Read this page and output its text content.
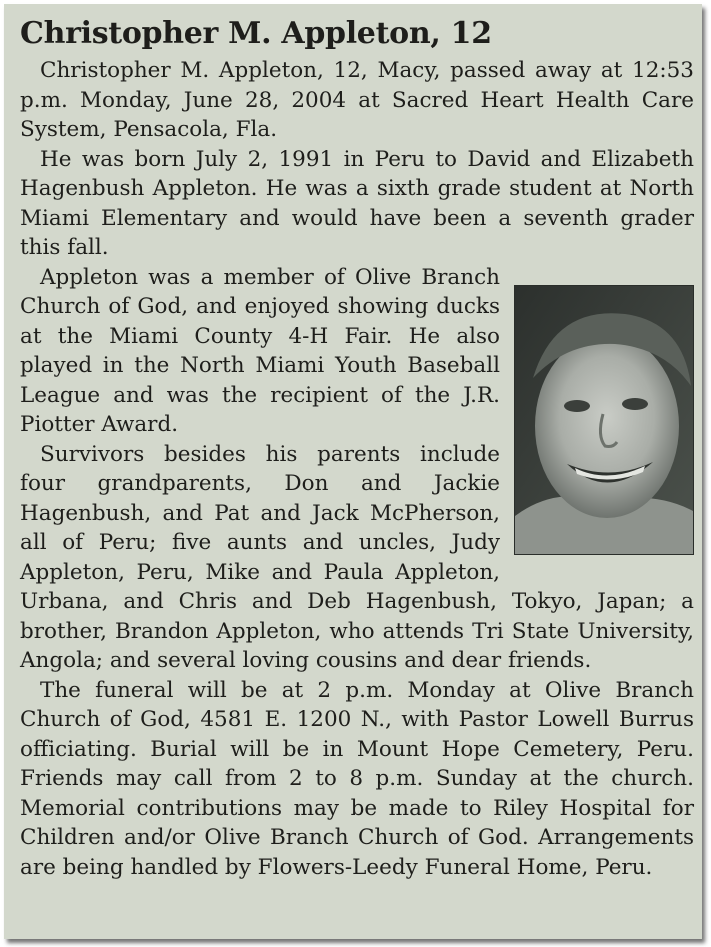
Christopher M. Appleton, 12

Christopher M. Appleton, 12, Macy, passed away at 12:53 p.m. Monday, June 28, 2004 at Sacred Heart Health Care System, Pensacola, Fla.

He was born July 2, 1991 in Peru to David and Elizabeth Hagenbush Appleton. He was a sixth grade student at North Miami Elementary and would have been a seventh grader this fall.

Appleton was a member of Olive Branch Church of God, and enjoyed showing ducks at the Miami County 4-H Fair. He also played in the North Miami Youth Baseball League and was the recipient of the J.R. Piotter Award.

Survivors besides his parents include four grandparents, Don and Jackie Hagenbush, and Pat and Jack McPherson, all of Peru; five aunts and uncles, Judy Appleton, Peru, Mike and Paula Appleton, Urbana, and Chris and Deb Hagenbush, Tokyo, Japan; a brother, Brandon Appleton, who attends Tri State University, Angola; and several loving cousins and dear friends.

The funeral will be at 2 p.m. Monday at Olive Branch Church of God, 4581 E. 1200 N., with Pastor Lowell Burrus officiating. Burial will be in Mount Hope Cemetery, Peru. Friends may call from 2 to 8 p.m. Sunday at the church. Memorial contributions may be made to Riley Hospital for Children and/or Olive Branch Church of God. Arrangements are being handled by Flowers-Leedy Funeral Home, Peru.
